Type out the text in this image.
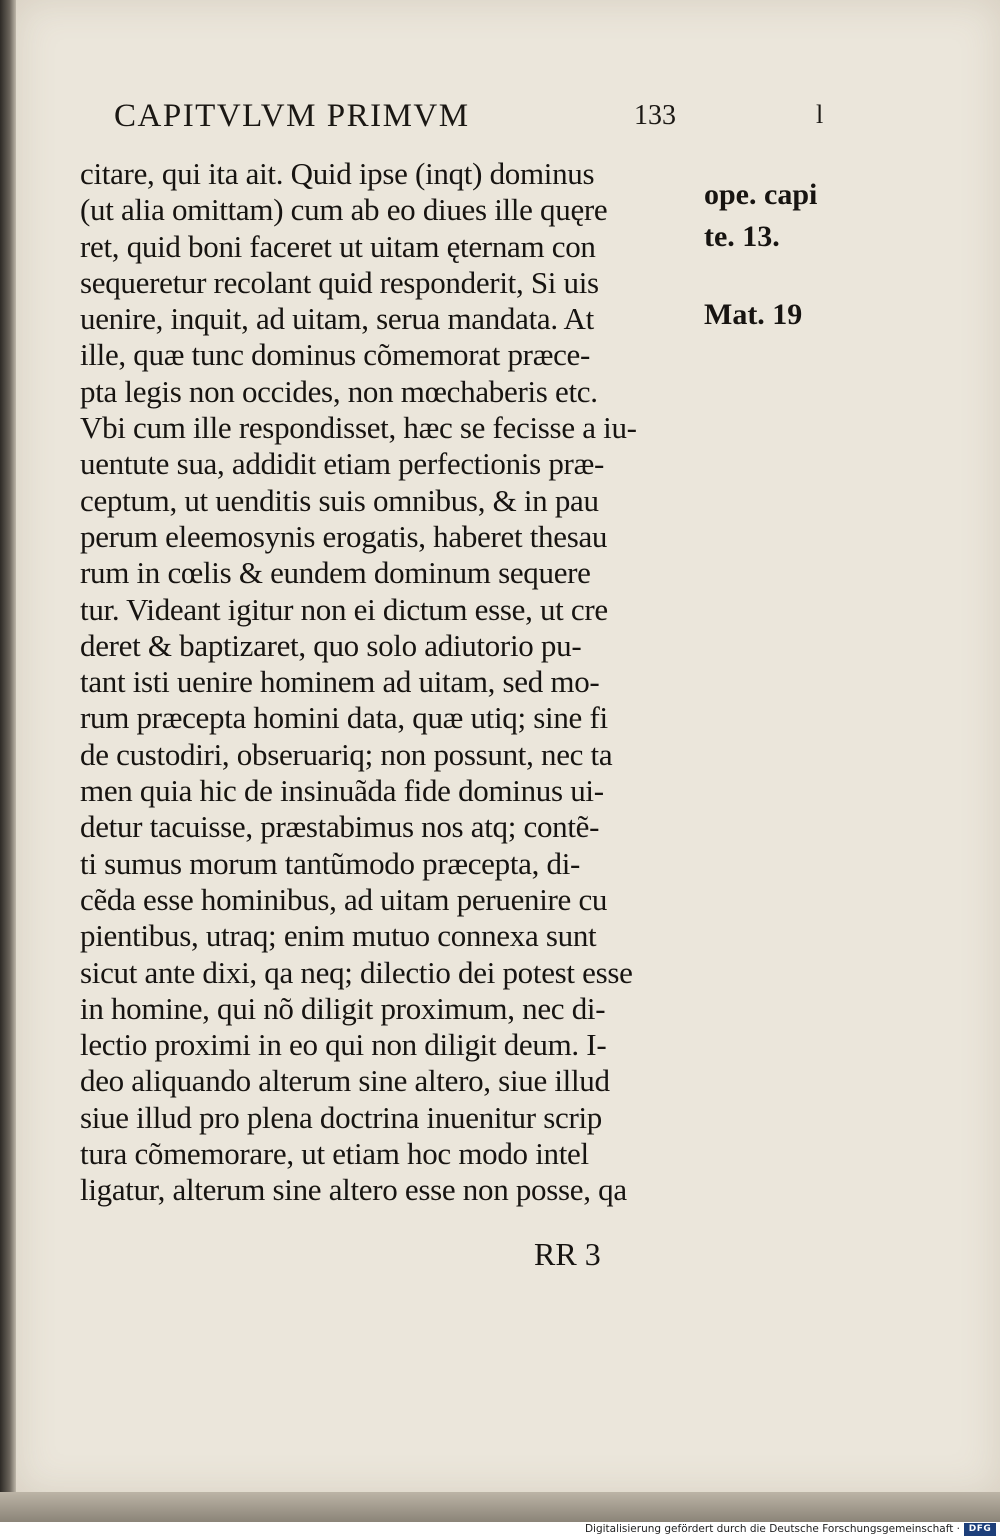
CAPITVLVM PRIMVM	133	l
citare, qui ita ait. Quid ipse (inqt) dominus
(ut alia omittam) cum ab eo diues ille quęre
ret, quid boni faceret ut uitam ęternam con
sequeretur recolant quid responderit, Si uis
uenire, inquit, ad uitam, serua mandata. At
ille, quæ tunc dominus cõmemorat præce-
pta legis non occides, non mœchaberis etc.
Vbi cum ille respondisset, hæc se fecisse a iu-
uentute sua, addidit etiam perfectionis præ-
ceptum, ut uenditis suis omnibus, & in pau
perum eleemosynis erogatis, haberet thesau
rum in cœlis & eundem dominum sequere
tur. Videant igitur non ei dictum esse, ut cre
deret & baptizaret, quo solo adiutorio pu-
tant isti uenire hominem ad uitam, sed mo-
rum præcepta homini data, quæ utiq; sine fi
de custodiri, obseruariq; non possunt, nec ta
men quia hic de insinuãda fide dominus ui-
detur tacuisse, præstabimus nos atq; contẽ-
ti sumus morum tantũmodo præcepta, di-
cẽda esse hominibus, ad uitam peruenire cu
pientibus, utraq; enim mutuo connexa sunt
sicut ante dixi, qa neq; dilectio dei potest esse
in homine, qui nõ diligit proximum, nec di-
lectio proximi in eo qui non diligit deum. I-
deo aliquando alterum sine altero, siue illud
siue illud pro plena doctrina inuenitur scrip
tura cõmemorare, ut etiam hoc modo intel
ligatur, alterum sine altero esse non posse, qa
ope. capi
te. 13.
Mat. 19
RR 3
Digitalisierung gefördert durch die Deutsche Forschungsgemeinschaft · DFG
